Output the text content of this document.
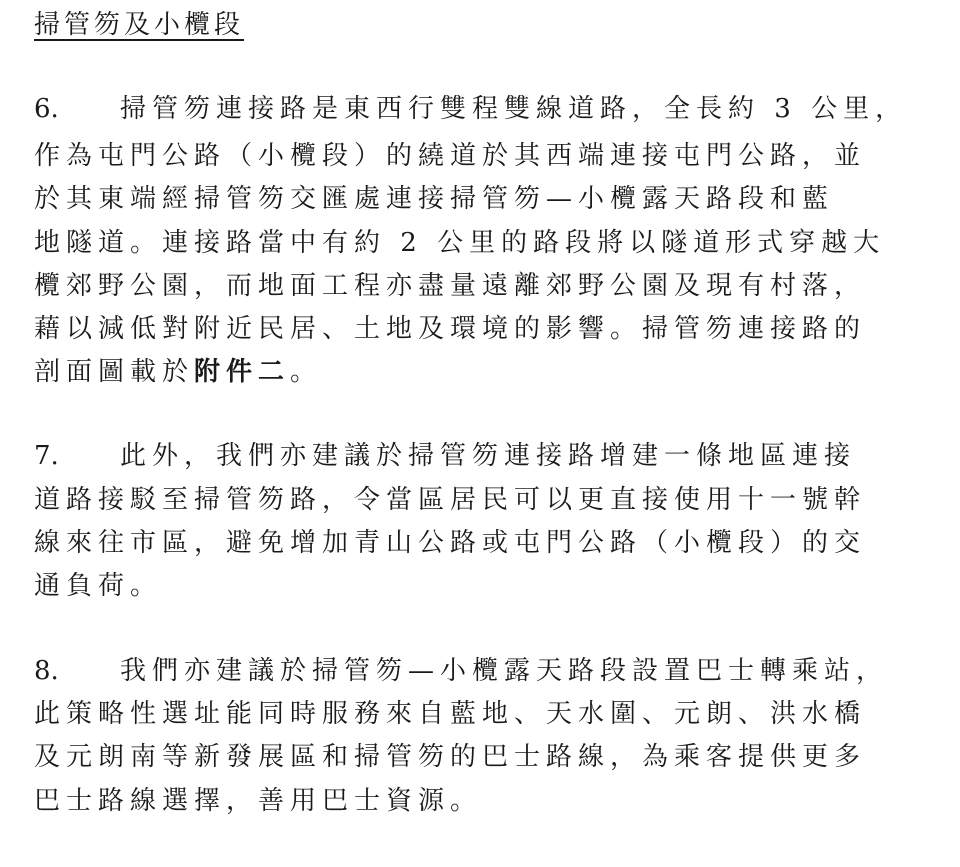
掃管笏及小欖段
6. 掃管笏連接路是東西行雙程雙線道路，全長約 3 公里，
作為屯門公路（小欖段）的繞道於其西端連接屯門公路，並
於其東端經掃管笏交匯處連接掃管笏—小欖露天路段和藍
地隧道。連接路當中有約 2 公里的路段將以隧道形式穿越大
欖郊野公園，而地面工程亦盡量遠離郊野公園及現有村落，
藉以減低對附近民居、土地及環境的影響。掃管笏連接路的
剖面圖載於附件二。
7. 此外，我們亦建議於掃管笏連接路增建一條地區連接
道路接駁至掃管笏路，令當區居民可以更直接使用十一號幹
線來往市區，避免增加青山公路或屯門公路（小欖段）的交
通負荷。
8. 我們亦建議於掃管笏—小欖露天路段設置巴士轉乘站，
此策略性選址能同時服務來自藍地、天水圍、元朗、洪水橋
及元朗南等新發展區和掃管笏的巴士路線，為乘客提供更多
巴士路線選擇，善用巴士資源。
